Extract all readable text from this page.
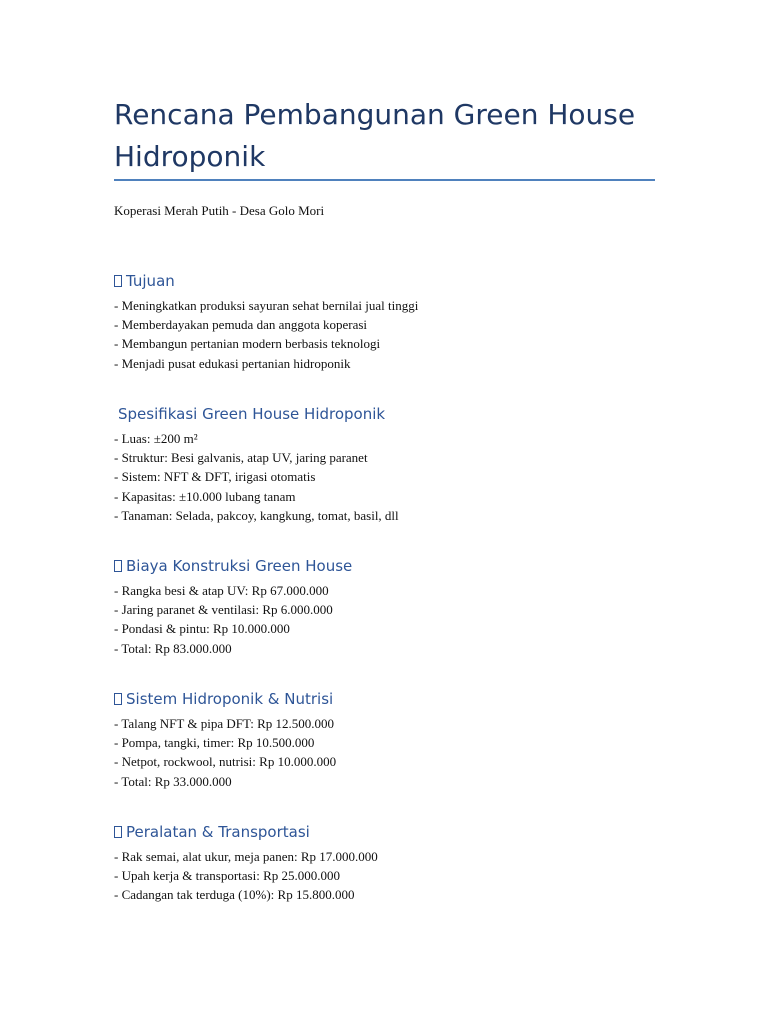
Rencana Pembangunan Green House Hidroponik
Koperasi Merah Putih - Desa Golo Mori
Tujuan
- Meningkatkan produksi sayuran sehat bernilai jual tinggi
- Memberdayakan pemuda dan anggota koperasi
- Membangun pertanian modern berbasis teknologi
- Menjadi pusat edukasi pertanian hidroponik
Spesifikasi Green House Hidroponik
- Luas: ±200 m²
- Struktur: Besi galvanis, atap UV, jaring paranet
- Sistem: NFT & DFT, irigasi otomatis
- Kapasitas: ±10.000 lubang tanam
- Tanaman: Selada, pakcoy, kangkung, tomat, basil, dll
Biaya Konstruksi Green House
- Rangka besi & atap UV: Rp 67.000.000
- Jaring paranet & ventilasi: Rp 6.000.000
- Pondasi & pintu: Rp 10.000.000
- Total: Rp 83.000.000
Sistem Hidroponik & Nutrisi
- Talang NFT & pipa DFT: Rp 12.500.000
- Pompa, tangki, timer: Rp 10.500.000
- Netpot, rockwool, nutrisi: Rp 10.000.000
- Total: Rp 33.000.000
Peralatan & Transportasi
- Rak semai, alat ukur, meja panen: Rp 17.000.000
- Upah kerja & transportasi: Rp 25.000.000
- Cadangan tak terduga (10%): Rp 15.800.000
